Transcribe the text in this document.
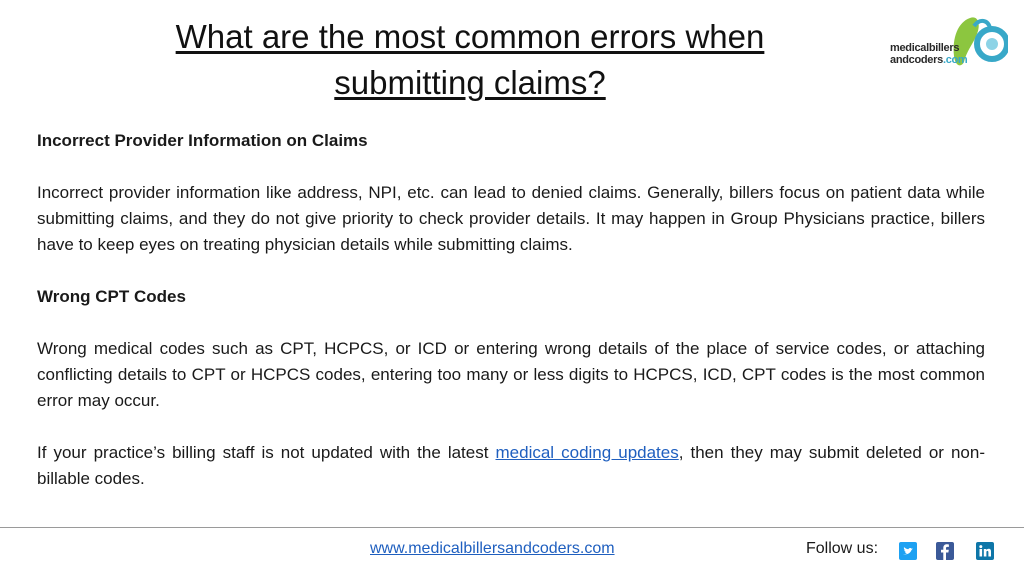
What are the most common errors when
submitting claims?
medicalbillers
andcoders.com

Incorrect Provider Information on Claims

Incorrect provider information like address, NPI, etc. can lead to denied claims. Generally, billers focus on patient data while submitting claims, and they do not give priority to check provider details. It may happen in Group Physicians practice, billers have to keep eyes on treating physician details while submitting claims.

Wrong CPT Codes

Wrong medical codes such as CPT, HCPCS, or ICD or entering wrong details of the place of service codes, or attaching conflicting details to CPT or HCPCS codes, entering too many or less digits to HCPCS, ICD, CPT codes is the most common error may occur.

If your practice’s billing staff is not updated with the latest medical coding updates, then they may submit deleted or non-billable codes.

www.medicalbillersandcoders.com	Follow us:
